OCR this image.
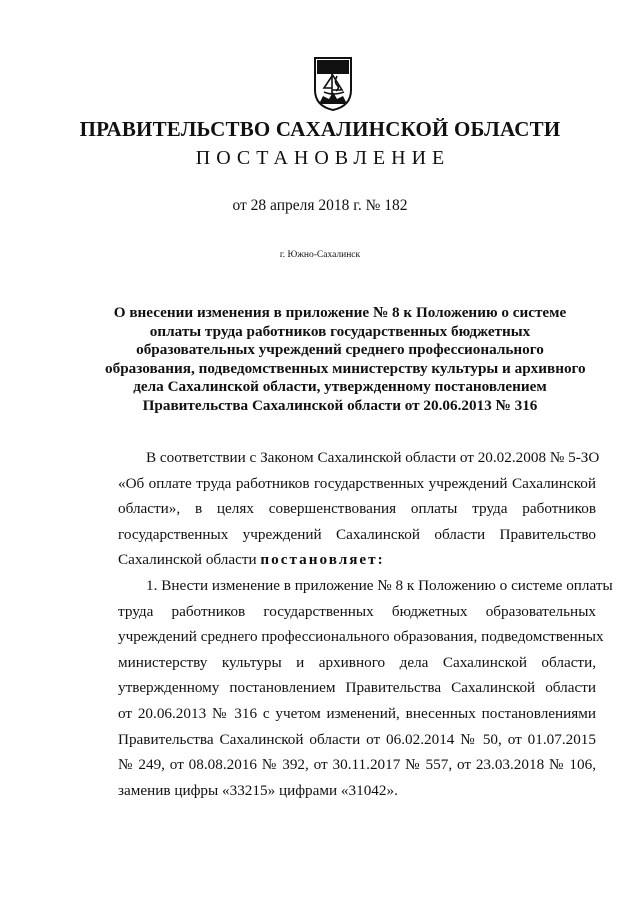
ПРАВИТЕЛЬСТВО САХАЛИНСКОЙ ОБЛАСТИ
ПОСТАНОВЛЕНИЕ
от 28 апреля 2018 г. № 182
г. Южно-Сахалинск
О внесении изменения в приложение № 8 к Положению о системе
оплаты труда работников государственных бюджетных
образовательных учреждений среднего профессионального
образования, подведомственных министерству культуры и архивного
дела Сахалинской области, утвержденному постановлением
Правительства Сахалинской области от 20.06.2013 № 316

В соответствии с Законом Сахалинской области от 20.02.2008 № 5-ЗО

«Об оплате труда работников государственных учреждений Сахалинской

области», в целях совершенствования оплаты труда работников

государственных учреждений Сахалинской области Правительство

Сахалинской области постановляет:

1. Внести изменение в приложение № 8 к Положению о системе оплаты

труда работников государственных бюджетных образовательных

учреждений среднего профессионального образования, подведомственных

министерству культуры и архивного дела Сахалинской области,

утвержденному постановлением Правительства Сахалинской области

от 20.06.2013 № 316 с учетом изменений, внесенных постановлениями

Правительства Сахалинской области от 06.02.2014 № 50, от 01.07.2015

№ 249, от 08.08.2016 № 392, от 30.11.2017 № 557, от 23.03.2018 № 106,

заменив цифры «33215» цифрами «31042».
